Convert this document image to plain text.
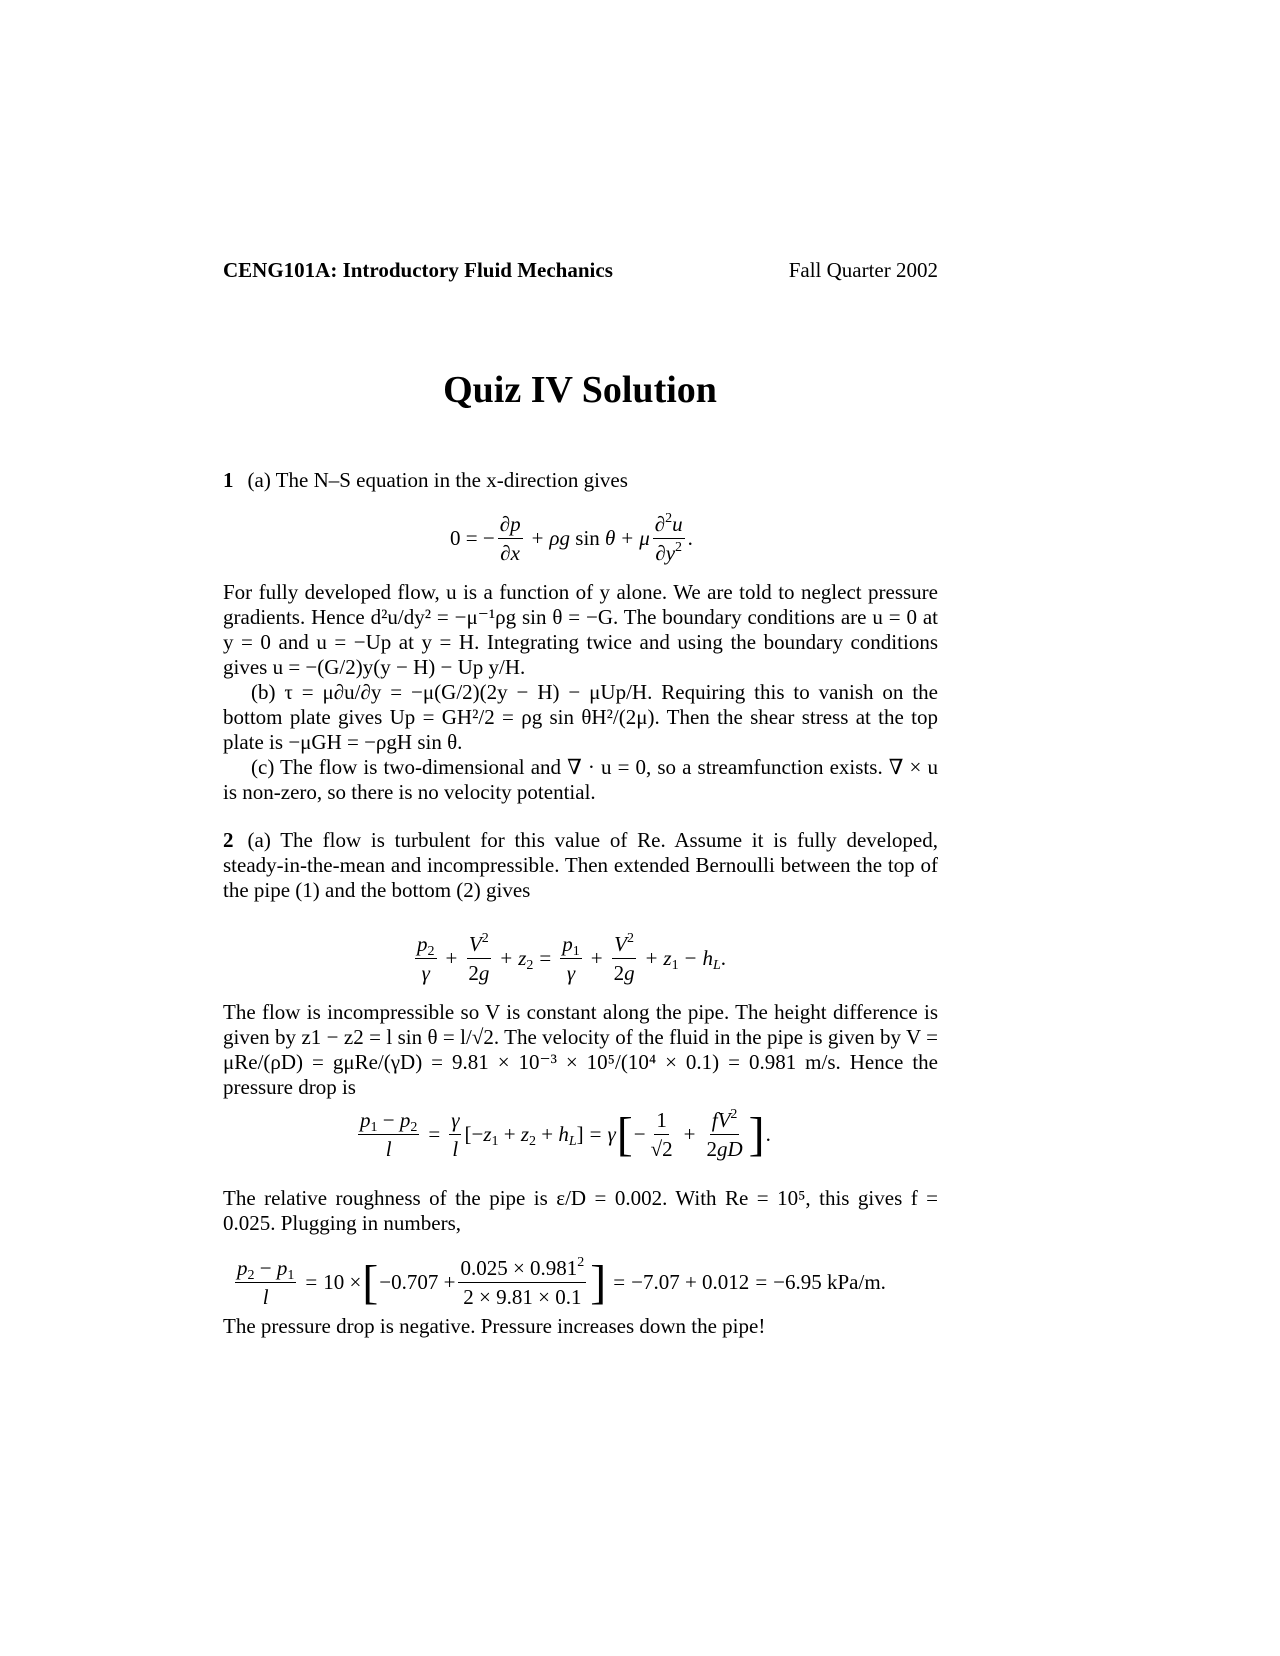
CENG101A: Introductory Fluid Mechanics	Fall Quarter 2002
Quiz IV Solution
1 (a) The N–S equation in the x-direction gives
0 = − $\frac{\partial p}{\partial x} + \rho g$ sin θ + μ $\frac{\partial^2u}{\partial y^2}$ .

For fully developed flow, u is a function of y alone. We are told to neglect pressure gradients. Hence d²u/dy² = −μ⁻¹ρg sin θ = −G. The boundary conditions are u = 0 at y = 0 and u = −Up at y = H. Integrating twice and using the boundary conditions gives u = −(G/2)y(y − H) − Up y/H.

(b) τ = μ∂u/∂y = −μ(G/2)(2y − H) − μUp/H. Requiring this to vanish on the bottom plate gives Up = GH²/2 = ρg sin θH²/(2μ). Then the shear stress at the top plate is −μGH = −ρgH sin θ.

(c) The flow is two-dimensional and ∇ · u = 0, so a streamfunction exists. ∇ × u is non-zero, so there is no velocity potential.

2 (a) The flow is turbulent for this value of Re. Assume it is fully developed, steady-in-the-mean and incompressible. Then extended Bernoulli between the top of the pipe (1) and the bottom (2) gives
$\frac{p_2}{\gamma} + \frac{V^2}{2g} + z_2 = \frac{p_1}{\gamma} + \frac{V^2}{2g} + z_1 - h_L$.
The flow is incompressible so V is constant along the pipe. The height difference is given by z1 − z2 = l sin θ = l/√2. The velocity of the fluid in the pipe is given by V = μRe/(ρD) = gμRe/(γD) = 9.81 × 10⁻³ × 10⁵/(10⁴ × 0.1) = 0.981 m/s. Hence the pressure drop is
$\frac{p_1 - p_2}{l} = \frac{\gamma}{l} [-z_1 + z_2 + h_L] = \gamma$ [ − $\frac{1}{√2} + \frac{fV^2}{2gD}$ ] .
The relative roughness of the pipe is ε/D = 0.002. With Re = 10⁵, this gives f = 0.025. Plugging in numbers,
$\frac{p_2 - p_1}{l} = 10$ × [ $-0.707 + \frac{0.025 \times 0.981^2}{2 \times 9.81 \times 0.1}$ ] = −7.07 + 0.012 = −6.95 kPa/m.
The pressure drop is negative. Pressure increases down the pipe!
